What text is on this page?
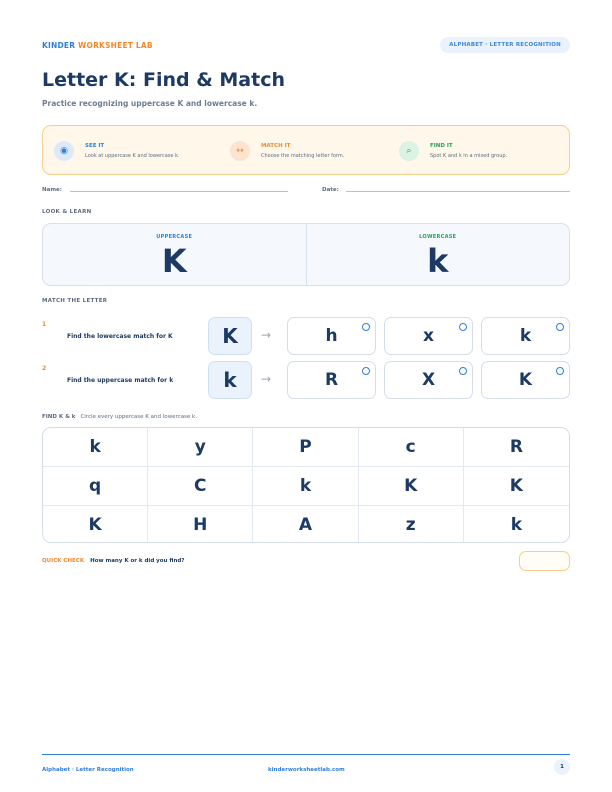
KINDER WORKSHEET LAB	ALPHABET · LETTER RECOGNITION
Letter K: Find & Match
Practice recognizing uppercase K and lowercase k.
◉	SEE IT
Look at uppercase K and lowercase k.	↔	MATCH IT
Choose the matching letter form.	⌕	FIND IT
Spot K and k in a mixed group.
Name:	Date:
LOOK & LEARN
UPPERCASE
K
LOWERCASE
k
MATCH THE LETTER
1
Find the lowercase match for K	K	→	h	x	k
2
Find the uppercase match for k	k	→	R	X	K
FIND K & k Circle every uppercase K and lowercase k.
k	y	P	c	R
q	C	k	K	K
K	H	A	z	k
QUICK CHECK How many K or k did you find?
Alphabet · Letter Recognition	kinderworksheetlab.com	1
